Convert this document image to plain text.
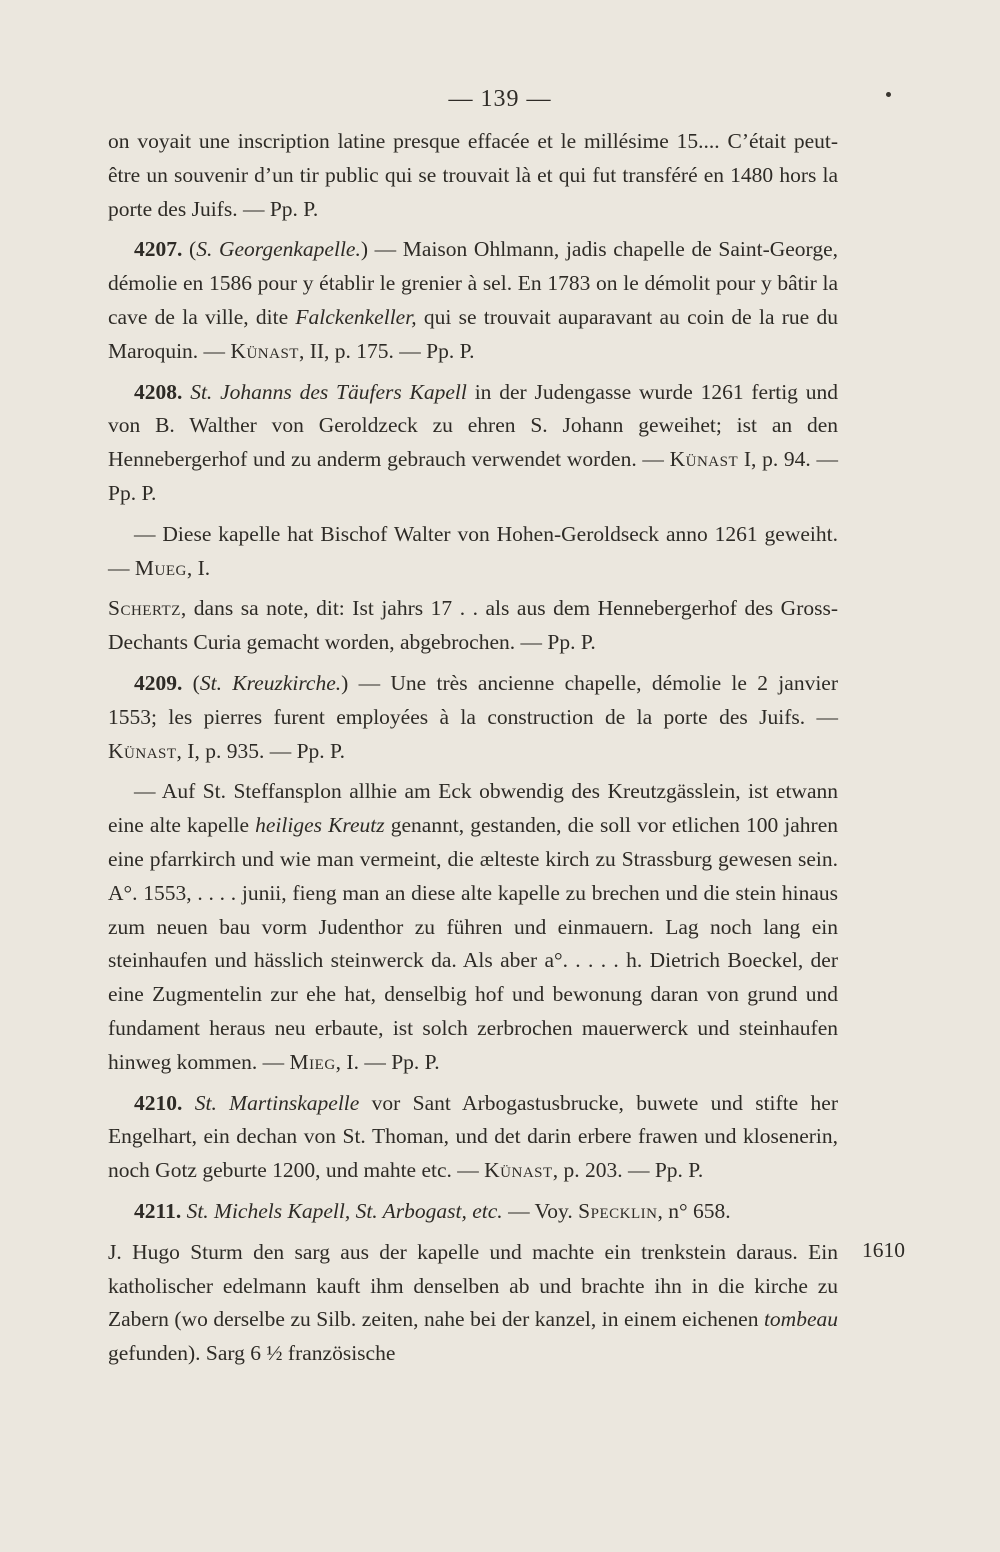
— 139 —

on voyait une inscription latine presque effacée et le millésime 15.... C’était peut-être un souvenir d’un tir public qui se trouvait là et qui fut transféré en 1480 hors la porte des Juifs. — Pp. P.

4207. (S. Georgenkapelle.) — Maison Ohlmann, jadis chapelle de Saint-George, démolie en 1586 pour y établir le grenier à sel. En 1783 on le démolit pour y bâtir la cave de la ville, dite Falckenkeller, qui se trouvait auparavant au coin de la rue du Maroquin. — Künast, II, p. 175. — Pp. P.

4208. St. Johanns des Täufers Kapell in der Judengasse wurde 1261 fertig und von B. Walther von Geroldzeck zu ehren S. Johann geweihet; ist an den Hennebergerhof und zu anderm gebrauch verwendet worden. — Künast I, p. 94. — Pp. P.

— Diese kapelle hat Bischof Walter von Hohen-Geroldseck anno 1261 geweiht. — Mueg, I.

Schertz, dans sa note, dit: Ist jahrs 17 . . als aus dem Hennebergerhof des Gross-Dechants Curia gemacht worden, abgebrochen. — Pp. P.

4209. (St. Kreuzkirche.) — Une très ancienne chapelle, démolie le 2 janvier 1553; les pierres furent employées à la construction de la porte des Juifs. — Künast, I, p. 935. — Pp. P.

— Auf St. Steffansplon allhie am Eck obwendig des Kreutzgässlein, ist etwann eine alte kapelle heiliges Kreutz genannt, gestanden, die soll vor etlichen 100 jahren eine pfarrkirch und wie man vermeint, die ælteste kirch zu Strassburg gewesen sein. A°. 1553, . . . . junii, fieng man an diese alte kapelle zu brechen und die stein hinaus zum neuen bau vorm Judenthor zu führen und einmauern. Lag noch lang ein steinhaufen und hässlich steinwerck da. Als aber a°. . . . . h. Dietrich Boeckel, der eine Zugmentelin zur ehe hat, denselbig hof und bewonung daran von grund und fundament heraus neu erbaute, ist solch zerbrochen mauerwerck und steinhaufen hinweg kommen. — Mieg, I. — Pp. P.

4210. St. Martinskapelle vor Sant Arbogastusbrucke, buwete und stifte her Engelhart, ein dechan von St. Thoman, und det darin erbere frawen und klosenerin, noch Gotz geburte 1200, und mahte etc. — Künast, p. 203. — Pp. P.

4211. St. Michels Kapell, St. Arbogast, etc. — Voy. Specklin, n° 658.

J. Hugo Sturm den sarg aus der kapelle und machte ein trenkstein daraus. Ein katholischer edelmann kauft ihm denselben ab und brachte ihn in die kirche zu Zabern (wo derselbe zu Silb. zeiten, nahe bei der kanzel, in einem eichenen tombeau gefunden). Sarg 6 ½ französische

1610
